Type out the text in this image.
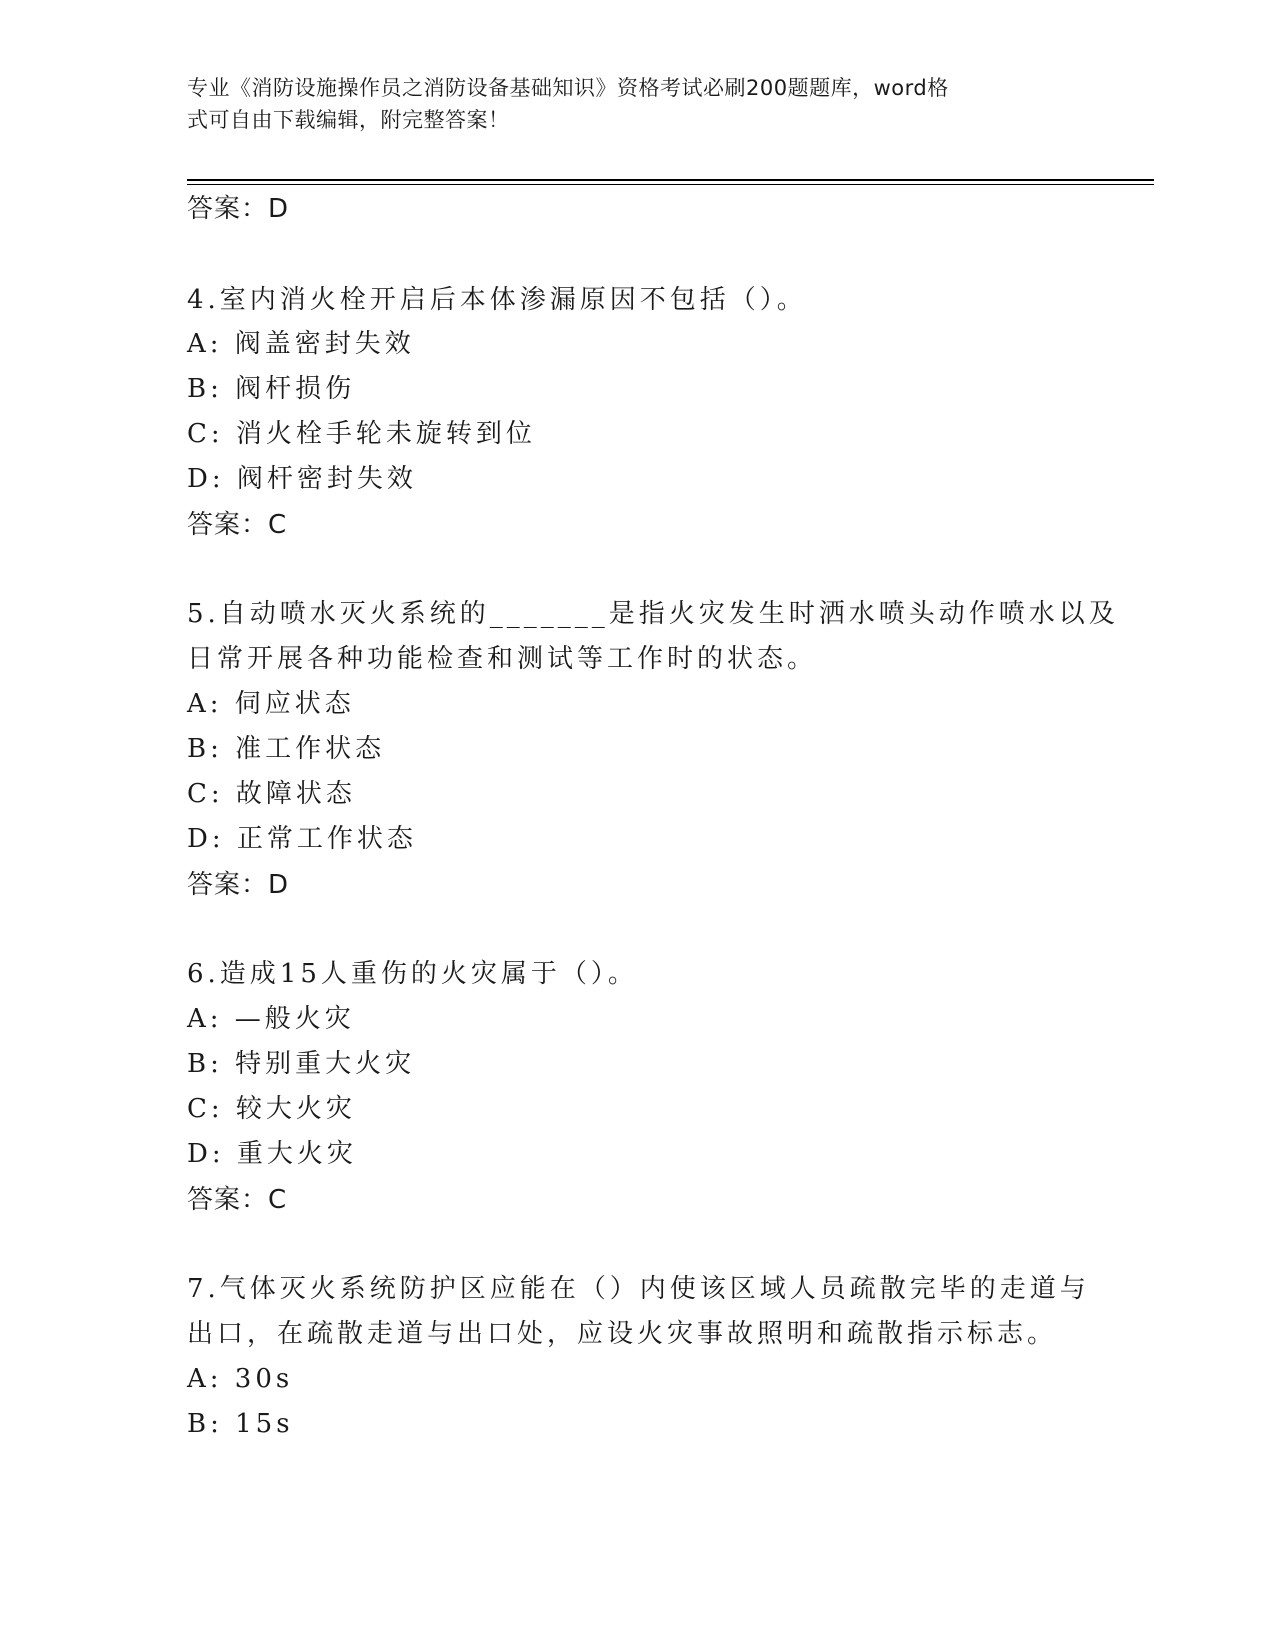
专业《消防设施操作员之消防设备基础知识》资格考试必刷200题题库，word格
式可自由下载编辑，附完整答案！
答案：D
4.室内消火栓开启后本体渗漏原因不包括（）。
A: 阀盖密封失效
B: 阀杆损伤
C: 消火栓手轮未旋转到位
D: 阀杆密封失效
答案：C
5.自动喷水灭火系统的_______是指火灾发生时洒水喷头动作喷水以及
日常开展各种功能检查和测试等工作时的状态。
A: 伺应状态
B: 准工作状态
C: 故障状态
D: 正常工作状态
答案：D
6.造成15人重伤的火灾属于（）。
A: —般火灾
B: 特别重大火灾
C: 较大火灾
D: 重大火灾
答案：C
7.气体灭火系统防护区应能在（）内使该区域人员疏散完毕的走道与
出口，在疏散走道与出口处，应设火灾事故照明和疏散指示标志。
A: 30s
B: 15s
